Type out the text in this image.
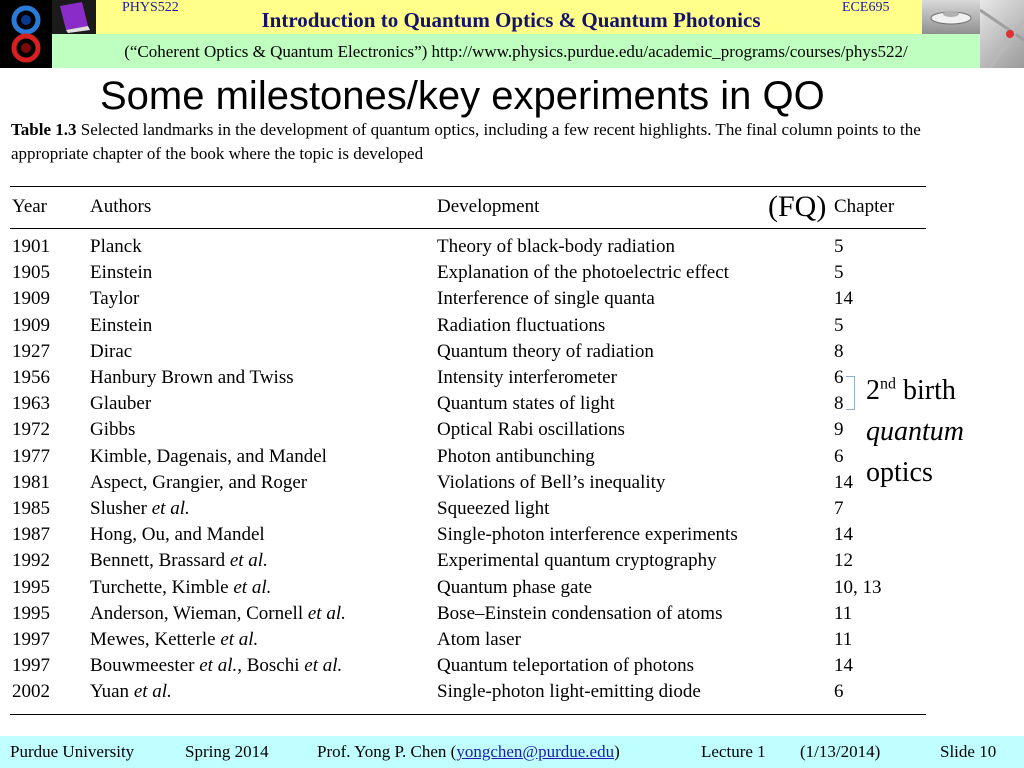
PHYS522	ECE695
Introduction to Quantum Optics & Quantum Photonics
(“Coherent Optics & Quantum Electronics”) http://www.physics.purdue.edu/academic_programs/courses/phys522/
Some milestones/key experiments in QO
Table 1.3 Selected landmarks in the development of quantum optics, including a few recent highlights. The final column points to the appropriate chapter of the book where the topic is developed
Year Authors	Development	Chapter
1901 Planck	Theory of black-body radiation	5
1905 Einstein	Explanation of the photoelectric effect	5
1909 Taylor	Interference of single quanta	14
1909 Einstein	Radiation fluctuations	5
1927 Dirac	Quantum theory of radiation	8
1956 Hanbury Brown and Twiss	Intensity interferometer	6
1963 Glauber	Quantum states of light	8
1972 Gibbs	Optical Rabi oscillations	9
1977 Kimble, Dagenais, and Mandel	Photon antibunching	6
1981 Aspect, Grangier, and Roger	Violations of Bell’s inequality	14
1985 Slusher et al.	Squeezed light	7
1987 Hong, Ou, and Mandel	Single-photon interference experiments	14
1992 Bennett, Brassard et al.	Experimental quantum cryptography	12
1995 Turchette, Kimble et al.	Quantum phase gate	10, 13
1995 Anderson, Wieman, Cornell et al.	Bose–Einstein condensation of atoms	11
1997 Mewes, Ketterle et al.	Atom laser	11
1997 Bouwmeester et al., Boschi et al.	Quantum teleportation of photons	14
2002 Yuan et al.	Single-photon light-emitting diode	6
(FQ)
2nd birth
quantum
optics
Purdue University	Spring 2014	Prof. Yong P. Chen (yongchen@purdue.edu)	Lecture 1 (1/13/2014)	Slide 10
